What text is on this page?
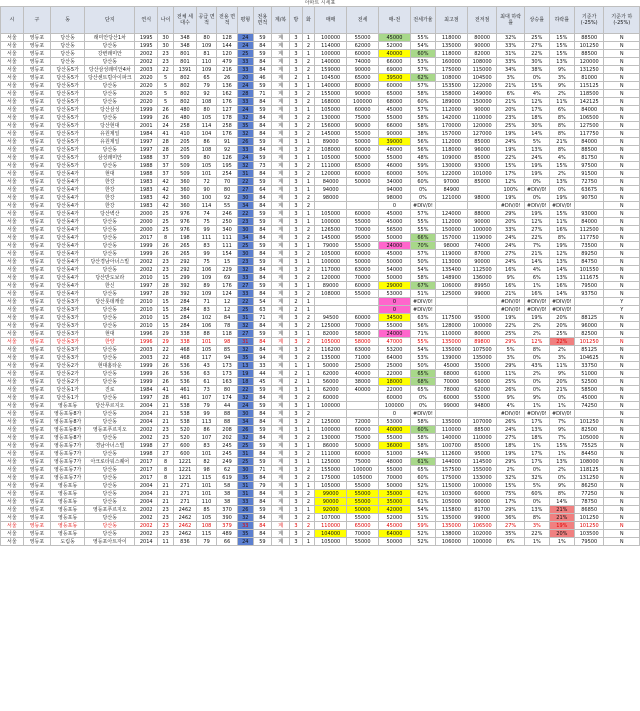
아파트 시세표
시	구	동	단지	연식	나이	전체 세대수	공급 면적	전용 면적	평형	전용 면적	계/복	방	화	매매	전세	매-전	전세가율	최고점	전저점	최대 하락률	상승률	하락률	기준가 (-25%)	기준가 하 (-25%)
서울	영등포	당산동	래미안당산1차	1995	30	348	80	128	24	59	계	3	1	100000	55000	45000	55%	118000	80000	32%	25%	15%	88500	N
서울	영등포	당산동	당산동	1995	30	348	109	144	24	84	계	3	2	114000	62000	52000	54%	135000	90000	33%	27%	15%	101250	N
서울	영등포	당산동	강변래미안	2002	23	801	81	120	25	59	계	3	1	100000	60000	40000	60%	118000	82000	31%	22%	15%	88500	N
서울	영등포	당산동	당산동	2002	23	801	110	479	33	84	계	3	2	140000	74000	66000	53%	160000	108000	33%	30%	13%	120000	N
서울	영등포	당산동5가	당산삼성래미안4차	2003	22	1391	109	216	33	84	계	3	2	159000	90000	69000	57%	175000	115000	34%	38%	9%	131250	N
서울	영등포	당산동5가	당산센트럴아이파크	2020	5	802	65	26	20	46	계	2	1	104500	65000	39500	62%	108000	104500	3%	0%	3%	81000	N
서울	영등포	당산동5가	당산동	2020	5	802	79	136	24	59	계	3	1	140000	80000	60000	57%	153500	122000	21%	15%	9%	115125	N
서울	영등포	당산동5가	당산동	2020	5	802	92	162	28	71	계	3	2	155000	90000	65000	58%	158000	149000	6%	4%	2%	118500	N
서울	영등포	당산동5가	당산동	2020	5	802	108	176	33	84	계	3	2	168000	100000	68000	60%	189000	150000	21%	12%	11%	142125	N
서울	영등포	당산동5가	당산삼성	1999	26	480	80	127	24	59	계	3	1	105000	60000	45000	57%	112000	90000	20%	17%	6%	84000	N
서울	영등포	당산동5가	당산동	1999	26	480	105	178	32	84	계	3	2	130000	75000	55000	58%	142000	110000	23%	18%	8%	106500	N
서울	영등포	당산동5가	당산현대	2001	24	258	114	258	35	84	계	3	2	156000	90000	66000	58%	170000	120000	25%	30%	8%	127500	N
서울	영등포	당산동5가	유원제일	1984	41	410	104	176	32	84	계	3	2	145000	55000	90000	38%	157000	127000	19%	14%	8%	117750	N
서울	영등포	당산동5가	유원제일	1997	28	205	86	91	26	59	계	3	1	89000	50000	39000	56%	112000	85000	24%	5%	21%	84000	N
서울	영등포	당산동5가	당산동	1997	28	205	108	92	33	84	계	3	2	108000	60000	48000	56%	118000	96000	19%	13%	8%	88500	N
서울	영등포	당산동5가	삼성래미안	1988	37	509	80	126	24	59	계	3	1	105000	50000	55000	48%	109000	85000	22%	24%	4%	81750	N
서울	영등포	당산동5가	당산동	1988	37	509	105	195	32	73	계	3	2	111000	65000	46000	59%	130000	93000	15%	19%	15%	97500	N
서울	영등포	당산동4가	현대	1988	37	509	101	254	31	84	계	3	2	120000	60000	60000	50%	122000	101000	17%	19%	2%	91500	N
서울	영등포	당산동4가	한강	1983	42	360	72	70	22	59	계	3	1	84000	50000	34000	60%	97000	85000	12%	0%	13%	72750	N
서울	영등포	당산동4가	한강	1983	42	360	90	80	27	64	계	3	1	94000		94000	0%	84900		100%	#DIV/0!	0%	63675	N
서울	영등포	당산동4가	한강	1983	42	360	100	92	30	84	계	3	2	98000		98000	0%	121000	98000	19%	0%	19%	90750	N
서울	영등포	당산동4가	한강	1983	42	360	114	55	34	84	계	3	2			0	#DIV/0!			#DIV/0!	#DIV/0!	#DIV/0!		N
서울	영등포	당산동4가	당산벽산	2000	25	976	74	246	22	59	계	3	1	105000	60000	45000	57%	124000	88000	29%	19%	15%	93000	N
서울	영등포	당산동4가	당산동	2000	25	976	75	250	23	59	계	3	1	100000	55000	45000	55%	112000	90000	20%	12%	11%	84000	N
서울	영등포	당산동4가	당산동	2000	25	976	99	340	30	84	계	3	2	126500	70000	56500	55%	150000	100000	33%	27%	16%	112500	N
서울	영등포	당산동4가	당산동	2017	8	198	111	111	34	84	계	3	2	145000	95000	50000	66%	157000	119000	24%	22%	8%	117750	N
서울	영등포	당산동4가	당산동	1999	26	265	83	111	25	59	계	3	1	79000	55000	24000	70%	98000	74000	24%	7%	19%	73500	N
서울	영등포	당산동4가	당산동	1999	26	265	99	154	30	84	계	3	2	105000	60000	45000	57%	119000	87000	27%	21%	12%	89250	N
서울	영등포	당산동4가	당산경남아너스빌	2002	23	292	75	15	23	59	계	3	1	100000	50000	50000	50%	113000	90000	24%	14%	13%	84750	N
서울	영등포	당산동4가	당산동	2002	23	292	106	229	32	84	계	3	2	117000	63000	54000	54%	135400	112500	16%	4%	14%	101550	N
서울	영등포	당산동4가	당산반도보라	2010	15	299	109	69	33	84	계	3	2	120000	70000	50000	58%	148900	136000	9%	6%	13%	111675	N
서울	영등포	당산동4가	한신	1997	28	392	89	176	27	59	계	3	1	89000	60000	29000	67%	106000	89950	16%	1%	16%	79500	N
서울	영등포	당산동4가	당산동	1997	28	392	109	124	33	84	계	3	2	108000	55000	53000	51%	125000	99000	21%	16%	14%	93750	N
서울	영등포	당산동3가	당산롯데캐슬	2010	15	284	71	12	22	54	계	2	1			0	#DIV/0!			#DIV/0!	#DIV/0!	#DIV/0!		Y
서울	영등포	당산동3가	당산동	2010	15	284	83	12	25	63	계	2	1			0	#DIV/0!			#DIV/0!	#DIV/0!	#DIV/0!		Y
서울	영등포	당산동3가	당산동	2010	15	284	102	84	31	71	계	3	2	94500	60000	34500	63%	117500	95000	19%	19%	20%	88125	N
서울	영등포	당산동3가	당산동	2010	15	284	106	78	32	84	계	3	2	125000	70000	55000	56%	128000	100000	22%	2%	20%	96000	N
서울	영등포	당산동3가	현대	1996	29	338	88	118	27	59	계	3	1	82000	58000	24000	71%	110000	80000	25%	2%	25%	82500	N
서울	영등포	당산동3가	한양	1996	29	338	101	98	31	84	계	3	2	105000	58000	47000	55%	135000	89800	29%	12%	22%	101250	N
서울	영등포	당산동3가	당산동	2003	22	468	105	85	32	84	계	3	2	116200	63000	53200	54%	135000	107500	5%	8%	2%	85125	N
서울	영등포	당산동3가	당산동	2003	22	468	117	94	35	94	계	3	2	135000	71000	64000	53%	139000	135000	3%	0%	3%	104625	N
서울	영등포	당산동2가	현대홈타운	1999	26	536	43	173	13	33	계	1	1	50000	25000	25000	50%	45000	35000	29%	43%	11%	33750	N
서울	영등포	당산동2가	당산동	1999	26	536	63	173	19	44	계	2	1	62000	40000	22000	65%	68000	61000	11%	2%	9%	51000	N
서울	영등포	당산동2가	당산동	1999	26	536	61	163	18	45	계	2	1	56000	38000	18000	68%	70000	56000	25%	0%	20%	52500	N
서울	영등포	당산동1가	진로	1984	41	461	73	80	22	59	계	3	1	62000	40000	22000	65%	78000	62000	26%	0%	21%	58500	N
서울	영등포	당산동1가	당산동	1997	28	461	107	174	32	84	계	3	2	60000		60000	0%	60000	55000	9%	9%	0%	45000	N
서울	영등포	영등포동	당산푸르지오	2004	21	538	79	44	24	59	계	3	1	100000		100000	0%	99000	94800	4%	1%	1%	74250	N
서울	영등포	영등포동8가	당산동	2004	21	538	99	88	30	84	계	3	2			0	#DIV/0!			#DIV/0!	#DIV/0!	#DIV/0!		N
서울	영등포	영등포동8가	당산동	2004	21	538	113	88	34	84	계	3	2	125000	72000	53000	58%	135000	107000	26%	17%	7%	101250	N
서울	영등포	영등포동8가	영등포푸르지오	2002	23	520	86	208	26	59	계	3	1	100000	60000	40000	60%	110000	88500	24%	13%	9%	82500	N
서울	영등포	영등포동8가	당산동	2002	23	520	107	202	32	84	계	3	2	130000	75000	55000	58%	140000	110000	27%	18%	7%	105000	N
서울	영등포	영등포동7가	경남아너스빌	1998	27	600	83	245	25	59	계	3	1	86000	50000	36000	58%	100700	85000	18%	1%	15%	75525	N
서울	영등포	영등포동7가	당산동	1998	27	600	101	245	31	84	계	3	2	111000	60000	51000	54%	112600	95000	19%	17%	1%	84450	N
서울	영등포	영등포동7가	아크로타워스퀘어	2017	8	1221	82	249	25	59	계	3	1	125000	75000	48000	61%	144000	114500	29%	17%	13%	108000	N
서울	영등포	영등포동7가	당산동	2017	8	1221	98	62	30	71	계	3	2	155000	100000	55000	65%	157500	155000	2%	0%	2%	118125	N
서울	영등포	영등포동7가	당산동	2017	8	1221	115	619	35	84	계	3	2	175000	105000	70000	60%	175000	133000	32%	32%	0%	131250	N
서울	영등포	영등포동	당산동	2004	21	271	101	58	31	79	계	3	1	105000	55000	50000	52%	115000	100000	15%	5%	9%	86250	N
서울	영등포	영등포동	당산동	2004	21	271	101	38	31	84	계	3	2	99000	55000	35000	62%	103000	60000	75%	60%	8%	77250	N
서울	영등포	영등포동	당산동	2004	21	271	110	38	33	84	계	3	2	90000	55000	35000	61%	105000	90000	17%	0%	14%	78750	N
서울	영등포	영등포동	영등포푸르지오	2002	23	2462	85	370	26	59	계	3	1	92000	50000	42000	54%	115800	81700	29%	13%	21%	86850	N
서울	영등포	영등포동	당산동	2002	23	2462	105	390	32	84	계	3	2	107000	55000	52000	51%	135000	99000	36%	8%	21%	101250	N
서울	영등포	영등포동	당산동	2002	23	2462	108	379	33	84	계	3	2	110000	65000	45000	59%	135000	106500	27%	3%	19%	101250	N
서울	영등포	영등포동	당산동	2002	23	2462	115	489	35	84	계	3	2	104000	70000	64000	52%	138000	102000	35%	22%	20%	103500	N
서울	영등포	도림동	영등포아트자이	2014	11	836	79	66	24	59	계	3	1	105000	55000	50000	52%	106000	100000	6%	1%	1%	79500	N
